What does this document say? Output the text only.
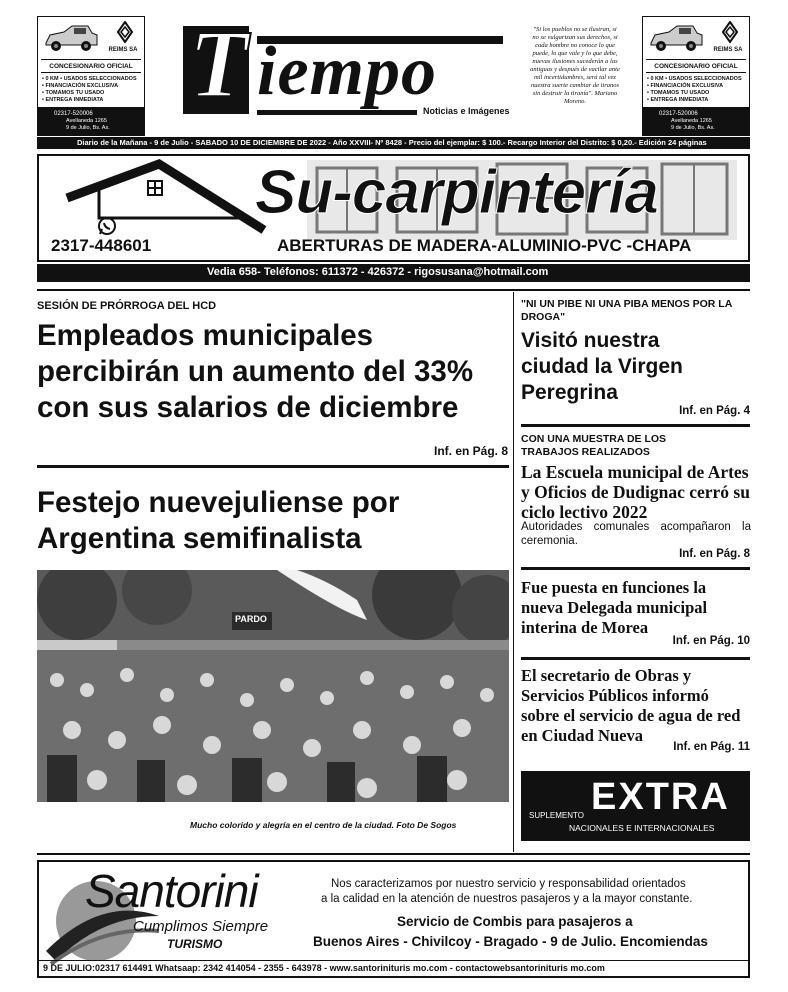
REIMS SA
CONCESIONARIO OFICIAL
• 0 KM • USADOS SELECCIONADOS
• FINANCIACIÓN EXCLUSIVA
• TOMAMOS TU USADO
• ENTREGA INMEDIATA
02317-520006
Avellaneda 1265
9 de Julio, Bs. As.
T iempo
Noticias e Imágenes
"Si los pueblos no se ilustran, si no se vulgarizan sus derechos, si cada hombre no conoce lo que puede, lo que vale y lo que debe, nuevas ilusiones sucederán a las antiguas y después de vacilar ante mil incertidumbres, será tal vez nuestra suerte cambiar de tiranos sin destruir la tiranía". Mariano Moreno.
REIMS SA
CONCESIONARIO OFICIAL
• 0 KM • USADOS SELECCIONADOS
• FINANCIACIÓN EXCLUSIVA
• TOMAMOS TU USADO
• ENTREGA INMEDIATA
02317-520006
Avellaneda 1265
9 de Julio, Bs. As.
Diario de la Mañana - 9 de Julio - SABADO 10 DE DICIEMBRE DE 2022 - Año XXVIII- Nº 8428 - Precio del ejemplar: $ 100.- Recargo Interior del Distrito: $ 0,20.- Edición 24 páginas
Su-carpintería
2317-448601	ABERTURAS DE MADERA-ALUMINIO-PVC -CHAPA
Vedia 658- Teléfonos: 611372 - 426372 - rigosusana@hotmail.com
SESIÓN DE PRÓRROGA DEL HCD
Empleados municipales percibirán un aumento del 33% con sus salarios de diciembre
Inf. en Pág. 8
Festejo nuevejuliense por Argentina semifinalista
PARDO
Mucho colorido y alegría en el centro de la ciudad. Foto De Sogos
"NI UN PIBE NI UNA PIBA MENOS POR LA DROGA"
Visitó nuestra ciudad la Virgen Peregrina
Inf. en Pág. 4
CON UNA MUESTRA DE LOS TRABAJOS REALIZADOS
La Escuela municipal de Artes y Oficios de Dudignac cerró su ciclo lectivo 2022
Autoridades comunales acompañaron la ceremonia.
Inf. en Pág. 8
Fue puesta en funciones la nueva Delegada municipal interina de Morea
Inf. en Pág. 10
El secretario de Obras y Servicios Públicos informó sobre el servicio de agua de red en Ciudad Nueva
Inf. en Pág. 11
SUPLEMENTO EXTRA
NACIONALES E INTERNACIONALES
Santorini
Cumplimos Siempre
TURISMO
Nos caracterizamos por nuestro servicio y responsabilidad orientados
a la calidad en la atención de nuestros pasajeros y a la mayor constante.
Servicio de Combis para pasajeros a
Buenos Aires - Chivilcoy - Bragado - 9 de Julio. Encomiendas
9 DE JULIO:02317 614491 Whatsaap: 2342 414054 - 2355 - 643978 - www.santorinituris mo.com - contactowebsantorinituris mo.com
